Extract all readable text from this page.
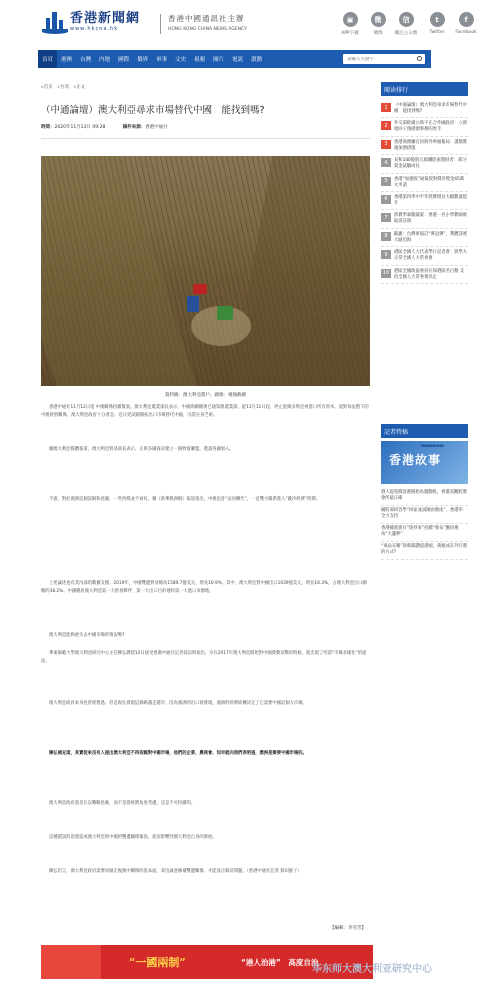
香港新聞網
www.hkcna.hk
香港中國通訊社主辦
HONG KONG CHINA NEWS AGENCY
▣
APP下載
微
微博
信
關注公众號
t
Twitter
f
Facebook
首頁	港澳	台灣	内地	國際	僑界	軍事	文史	視頻	圖片	電訊	滾動
請輸入关鍵字
»首页 »台湾 »正文
（中通論壇）澳大利亞尋求市場替代中國　能找到嗎?
時間：2020年11月13日 09:28	稿件來源：香港中通社
資料圖：澳大利亞農戶。圖源：視頻截圖
香港中通社11月12日電 中澳關係持續緊張。澳大利亞農業部長表示，中國海關總署已通知澳農業部，從11月11日起，停止從維多利亞州進口所有原木。面對每況愈下的中澳經貿關係，澳大利亞政府十分著急，近日更試圖開拓出口市場替代中國，可謂分身乏術。
據澳大利亞媒體報道，澳大利亞貿易部長表示，正與多國商討建立一個物資聯盟，邀請各國加入。
不過，對於澳洲這個誤解和意圖，一些西媒並不看好。據《新華澳洲網》報道指出，中澳也許“法同轉代”，一直雙方關系進入“跳冷經濟”時期。
上述論述也有其內部的數據支撐。2019年，中國雙邊貿易額為1589.7億美元，增長10.9%。其中，澳大利亞對中國出口1039億美元，增長18.3%，占澳大利亞出口總額的38.2%。中國穩居澳大利亞第一大貿易夥伴、第一大出口目的地和第一大進口來源地。
澳大利亞能夠重失去中國市場的情況嗎?
華東師範大學澳大利亞研究中心主任陳弘教授12日接受香港中通社記者採訪時指出，早在2017年澳大利亞開始對中國發動攻擊的時候，就出現了所謂“市場多樣化”的提法。
澳大利亞政府本身也曾經想過，但是現在發現這條路越走越窄，因為澳洲的出口商發現，澳洲的經濟結構決定了它需要中國這個大市場。
陳弘補充道，其實從來沒有人提出澳大利亞不再依賴對中國市場，他們的企業、農商會、知早就向我們表明過，澳洲是需要中國市場的。
澳大利亞政府還是在以戰略思維，而不是從經濟角度考慮，這是不可持續的。
這種錯誤的思想造成澳大利亞與中國的雙邊關係緊張，從而影響到澳大利亞自身的發展。
陳弘坦言，澳大利亞政府需要回頭正視澳中關係的基本面，拿出誠意修補雙邊關係，才能真正解決問題。（香港中通社記者 蔡田鮮子）
【編輯：李雪芳】
“一國兩制”	“港人治港”　高度自治
华东师大澳大利亚研究中心
閱读排行
1	（中通論壇）澳大利亞尋求市場替代中國　能找到嗎?
2	外交部批國公佈不正合外國政府：立即收回干預港澳事務的黑手
3	香港商務廳官員與外界通報局：謹慎實施加強措施
4	長和100億股元救購股東理財者：部分資金試驗成長
5	香港“加強版”通報授與價券獎金45萬元申請
6	香港第四季中半年經濟增長大幅數量提升
7	涉教學暴動議案：香港一名小學教師被取消註冊
8	凱麗：台灣軍協訂“萬冠彈”，利體該底大疑迫海
9	港區全國人大代表學行記者會：與學大正常全國人大常委會
10	港區全國政協委員在保港區名行動 支持全國人大常委會決定
記者特稿
HONGKONG
香港故事
港人提電價設港開始為激動股，香港美觀跨港會所最正確
國防部回答學“回家並試圖由辦法”，香港市：全力支持
香港總商會在“陸抄來”持續“推布”應同視角“大靈伸”
“毒品宣稱”與新聞讚提港頭，黃媛成在外仔港的方式?
